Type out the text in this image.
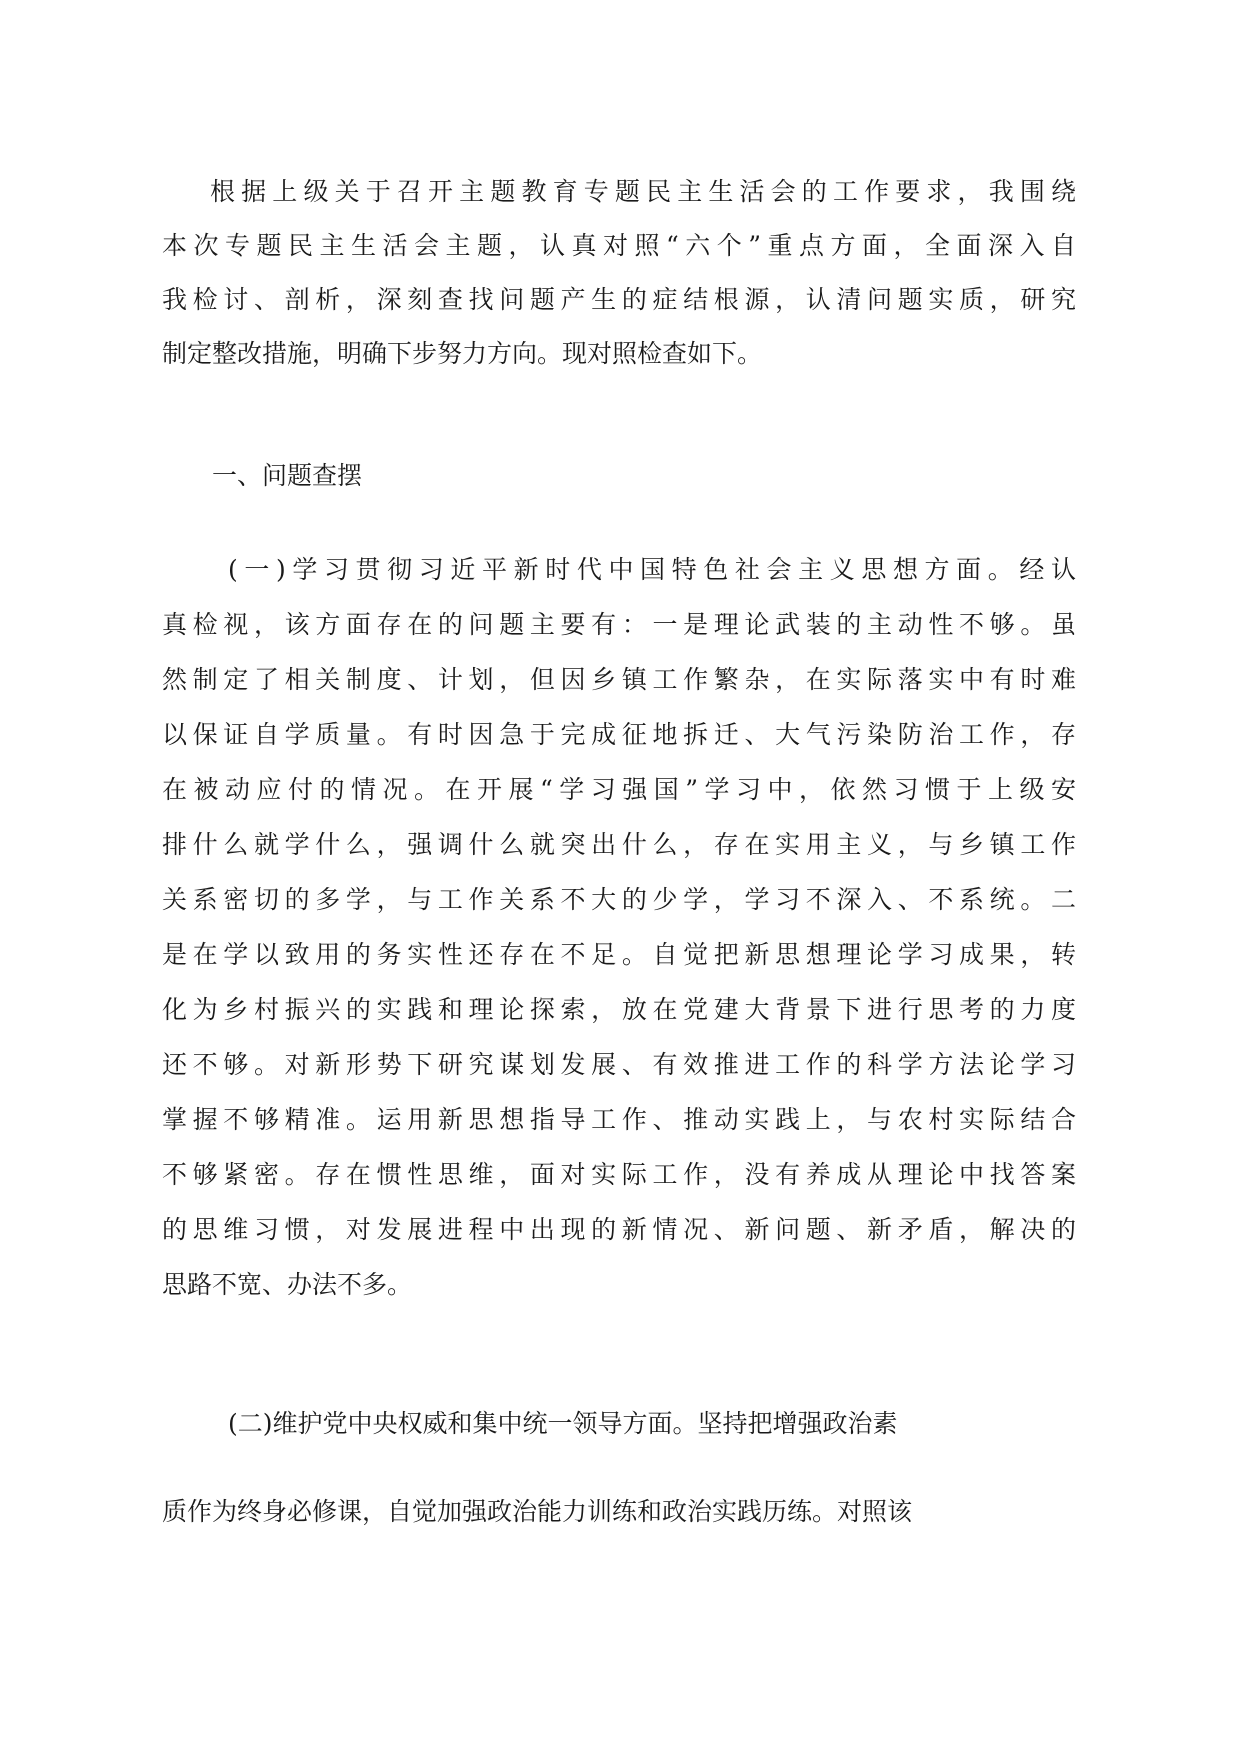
根据上级关于召开主题教育专题民主生活会的工作要求，我围绕

本次专题民主生活会主题，认真对照“六个”重点方面，全面深入自

我检讨、剖析，深刻查找问题产生的症结根源，认清问题实质，研究

制定整改措施，明确下步努力方向。现对照检查如下。

一、问题查摆

(一)学习贯彻习近平新时代中国特色社会主义思想方面。经认

真检视，该方面存在的问题主要有：一是理论武装的主动性不够。虽

然制定了相关制度、计划，但因乡镇工作繁杂，在实际落实中有时难

以保证自学质量。有时因急于完成征地拆迁、大气污染防治工作，存

在被动应付的情况。在开展“学习强国”学习中，依然习惯于上级安

排什么就学什么，强调什么就突出什么，存在实用主义，与乡镇工作

关系密切的多学，与工作关系不大的少学，学习不深入、不系统。二

是在学以致用的务实性还存在不足。自觉把新思想理论学习成果，转

化为乡村振兴的实践和理论探索，放在党建大背景下进行思考的力度

还不够。对新形势下研究谋划发展、有效推进工作的科学方法论学习

掌握不够精准。运用新思想指导工作、推动实践上，与农村实际结合

不够紧密。存在惯性思维，面对实际工作，没有养成从理论中找答案

的思维习惯，对发展进程中出现的新情况、新问题、新矛盾，解决的

思路不宽、办法不多。

(二)维护党中央权威和集中统一领导方面。坚持把增强政治素

质作为终身必修课，自觉加强政治能力训练和政治实践历练。对照该
